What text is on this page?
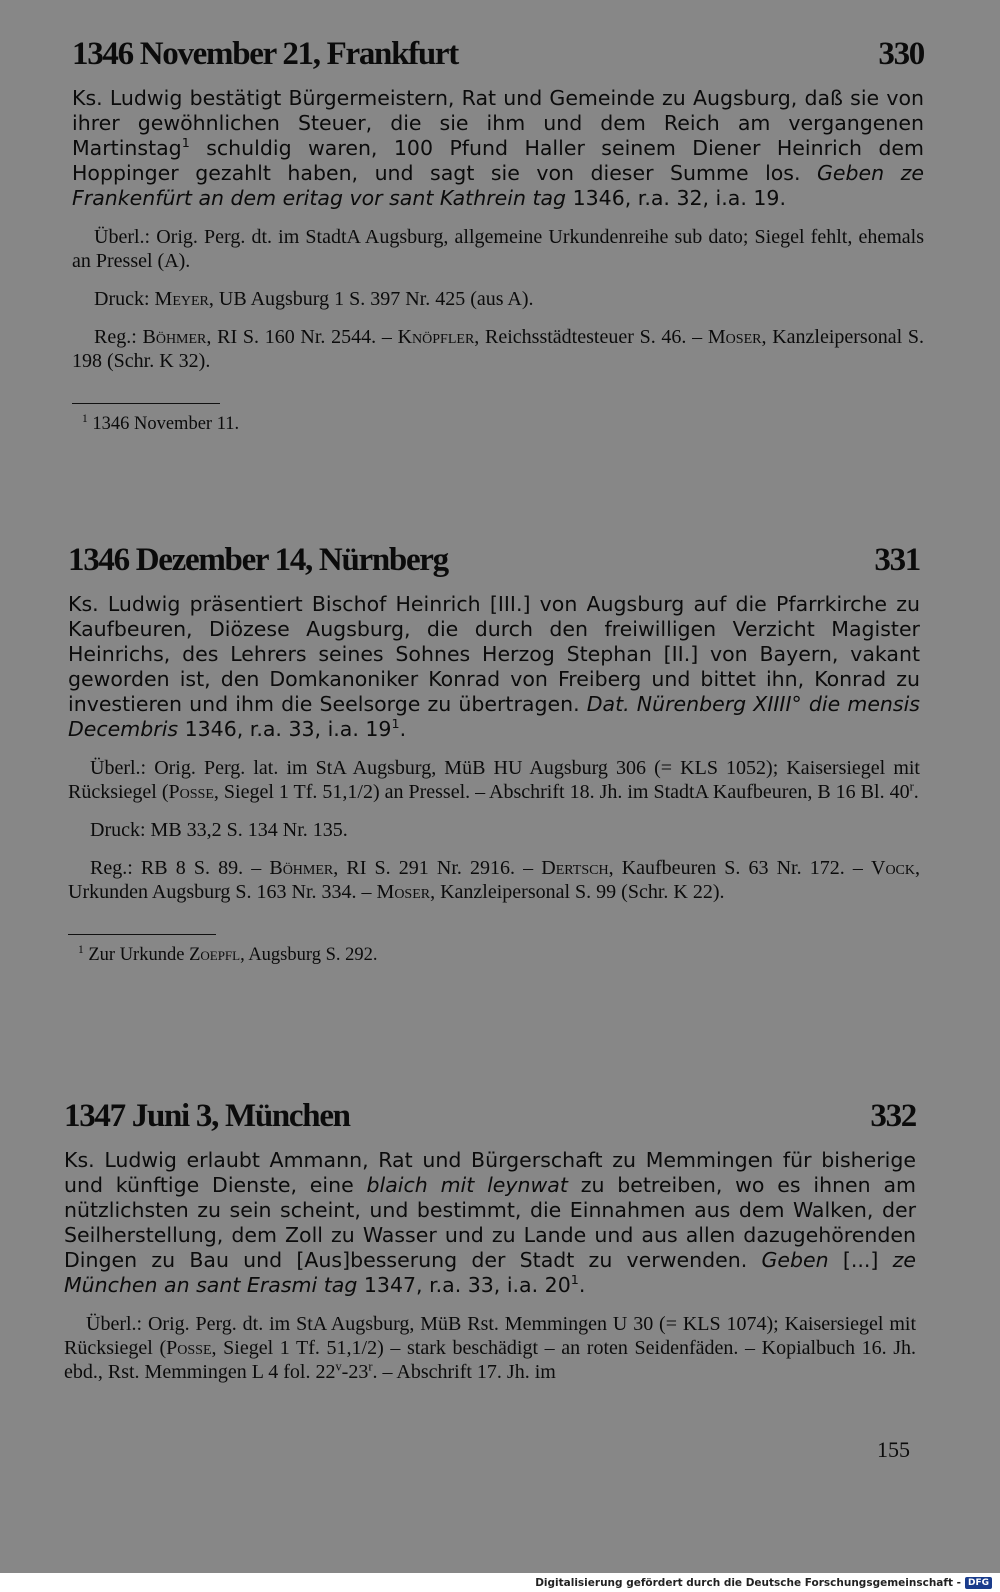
1346 November 21, Frankfurt	330
Ks. Ludwig bestätigt Bürgermeistern, Rat und Gemeinde zu Augsburg, daß sie von ihrer gewöhnlichen Steuer, die sie ihm und dem Reich am vergangenen Martinstag$^1$ schuldig waren, 100 Pfund Haller seinem Diener Heinrich dem Hoppinger gezahlt haben, und sagt sie von dieser Summe los. Geben ze Frankenfürt an dem eritag vor sant Kathrein tag 1346, r.a. 32, i.a. 19.
Überl.: Orig. Perg. dt. im StadtA Augsburg, allgemeine Urkundenreihe sub dato; Siegel fehlt, ehemals an Pressel (A).
Druck: Meyer, UB Augsburg 1 S. 397 Nr. 425 (aus A).
Reg.: Böhmer, RI S. 160 Nr. 2544. – Knöpfler, Reichsstädtesteuer S. 46. – Moser, Kanzleipersonal S. 198 (Schr. K 32).
$^1$ 1346 November 11.
1346 Dezember 14, Nürnberg	331
Ks. Ludwig präsentiert Bischof Heinrich [III.] von Augsburg auf die Pfarrkirche zu Kaufbeuren, Diözese Augsburg, die durch den freiwilligen Verzicht Magister Heinrichs, des Lehrers seines Sohnes Herzog Stephan [II.] von Bayern, vakant geworden ist, den Domkanoniker Konrad von Freiberg und bittet ihn, Konrad zu investieren und ihm die Seelsorge zu übertragen. Dat. Nürenberg XIIII° die mensis Decembris 1346, r.a. 33, i.a. $19^1$.
Überl.: Orig. Perg. lat. im StA Augsburg, MüB HU Augsburg 306 (= KLS 1052); Kaisersiegel mit Rücksiegel (Posse, Siegel 1 Tf. 51,1/2) an Pressel. – Abschrift 18. Jh. im StadtA Kaufbeuren, B 16 Bl. 40$^r$.
Druck: MB 33,2 S. 134 Nr. 135.
Reg.: RB 8 S. 89. – Böhmer, RI S. 291 Nr. 2916. – Dertsch, Kaufbeuren S. 63 Nr. 172. – Vock, Urkunden Augsburg S. 163 Nr. 334. – Moser, Kanzleipersonal S. 99 (Schr. K 22).
$^1$ Zur Urkunde Zoepfl, Augsburg S. 292.
1347 Juni 3, München	332
Ks. Ludwig erlaubt Ammann, Rat und Bürgerschaft zu Memmingen für bisherige und künftige Dienste, eine blaich mit leynwat zu betreiben, wo es ihnen am nützlichsten zu sein scheint, und bestimmt, die Einnahmen aus dem Walken, der Seilherstellung, dem Zoll zu Wasser und zu Lande und aus allen dazugehörenden Dingen zu Bau und [Aus]besserung der Stadt zu verwenden. Geben [...] ze München an sant Erasmi tag 1347, r.a. 33, i.a. $20^1$.
Überl.: Orig. Perg. dt. im StA Augsburg, MüB Rst. Memmingen U 30 (= KLS 1074); Kaisersiegel mit Rücksiegel (Posse, Siegel 1 Tf. 51,1/2) – stark beschädigt – an roten Seidenfäden. – Kopialbuch 16. Jh. ebd., Rst. Memmingen L 4 fol. 22$^v$-23$^r$. – Abschrift 17. Jh. im
155
Digitalisierung gefördert durch die Deutsche Forschungsgemeinschaft - DFG
